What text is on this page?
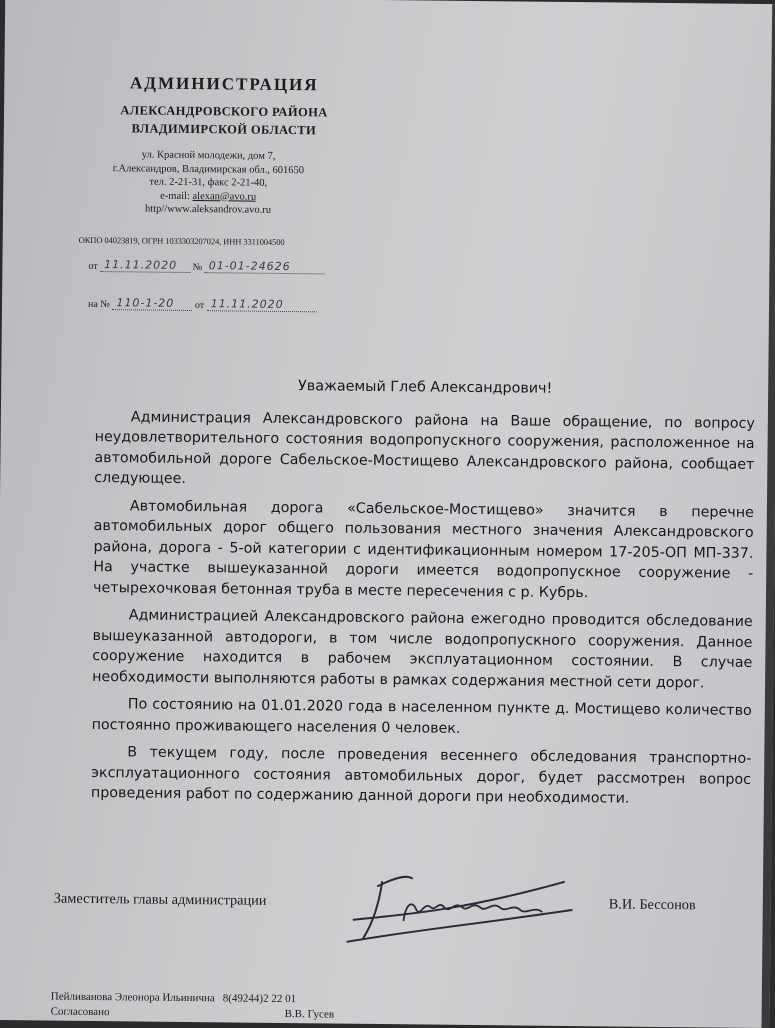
АДМИНИСТРАЦИЯ
АЛЕКСАНДРОВСКОГО РАЙОНА
ВЛАДИМИРСКОЙ ОБЛАСТИ
ул. Красной молодежи, дом 7,
г.Александров, Владимирская обл., 601650
тел. 2-21-31, факс 2-21-40,
e-mail: alexan@avo.ru
http//www.aleksandrov.avo.ru
ОКПО 04023819, ОГРН 1033303207024, ИНН 3311004500
от 11.11.2020 № 01-01-24626
на № 110-1-20 от 11.11.2020
Уважаемый Глеб Александрович!

Администрация Александровского района на Ваше обращение, по вопросу неудовлетворительного состояния водопропускного сооружения, расположенное на автомобильной дороге Сабельское-Мостищево Александровского района, сообщает следующее.

Автомобильная дорога «Сабельское-Мостищево» значится в перечне автомобильных дорог общего пользования местного значения Александровского района, дорога - 5-ой категории с идентификационным номером 17-205-ОП МП-337. На участке вышеуказанной дороги имеется водопропускное сооружение - четырехочковая бетонная труба в месте пересечения с р. Кубрь.

Администрацией Александровского района ежегодно проводится обследование вышеуказанной автодороги, в том числе водопропускного сооружения. Данное сооружение находится в рабочем эксплуатационном состоянии. В случае необходимости выполняются работы в рамках содержания местной сети дорог.

По состоянию на 01.01.2020 года в населенном пункте д. Мостищево количество постоянно проживающего населения 0 человек.

В текущем году, после проведения весеннего обследования транспортно-эксплуатационного состояния автомобильных дорог, будет рассмотрен вопрос проведения работ по содержанию данной дороги при необходимости.

Заместитель главы администрации	В.И. Бессонов
Пейливанова Элеонора Ильинична 8(49244)2 22 01
Согласовано	В.В. Гусев
